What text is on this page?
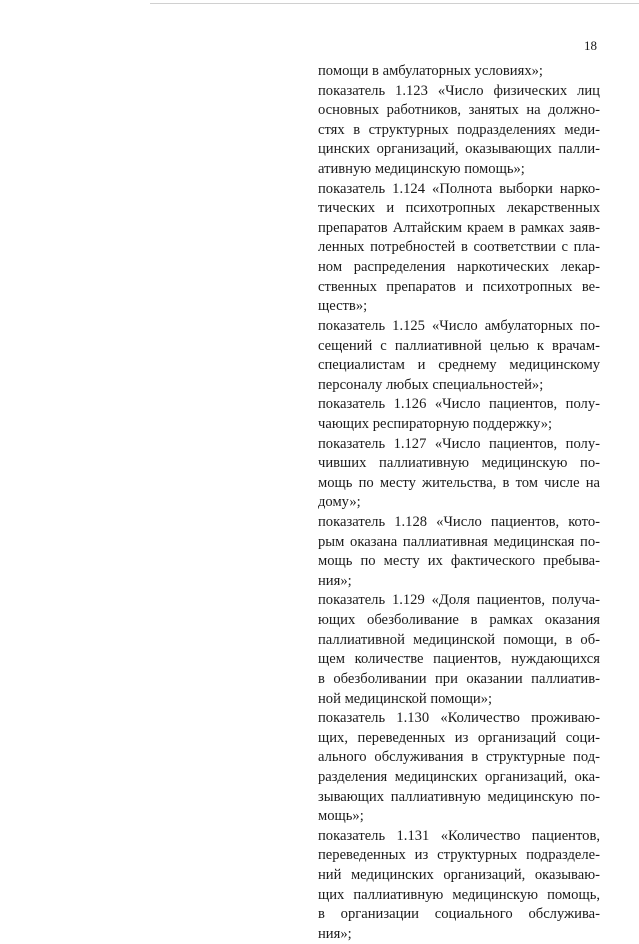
18
помощи в амбулаторных условиях»;
показатель 1.123 «Число физических лиц
основных работников, занятых на должно-
стях в структурных подразделениях меди-
цинских организаций, оказывающих палли-
ативную медицинскую помощь»;
показатель 1.124 «Полнота выборки нарко-
тических и психотропных лекарственных
препаратов Алтайским краем в рамках заяв-
ленных потребностей в соответствии с пла-
ном распределения наркотических лекар-
ственных препаратов и психотропных ве-
ществ»;
показатель 1.125 «Число амбулаторных по-
сещений с паллиативной целью к врачам-
специалистам и среднему медицинскому
персоналу любых специальностей»;
показатель 1.126 «Число пациентов, полу-
чающих респираторную поддержку»;
показатель 1.127 «Число пациентов, полу-
чивших паллиативную медицинскую по-
мощь по месту жительства, в том числе на
дому»;
показатель 1.128 «Число пациентов, кото-
рым оказана паллиативная медицинская по-
мощь по месту их фактического пребыва-
ния»;
показатель 1.129 «Доля пациентов, получа-
ющих обезболивание в рамках оказания
паллиативной медицинской помощи, в об-
щем количестве пациентов, нуждающихся
в обезболивании при оказании паллиатив-
ной медицинской помощи»;
показатель 1.130 «Количество проживаю-
щих, переведенных из организаций соци-
ального обслуживания в структурные под-
разделения медицинских организаций, ока-
зывающих паллиативную медицинскую по-
мощь»;
показатель 1.131 «Количество пациентов,
переведенных из структурных подразделе-
ний медицинских организаций, оказываю-
щих паллиативную медицинскую помощь,
в организации социального обслужива-
ния»;
